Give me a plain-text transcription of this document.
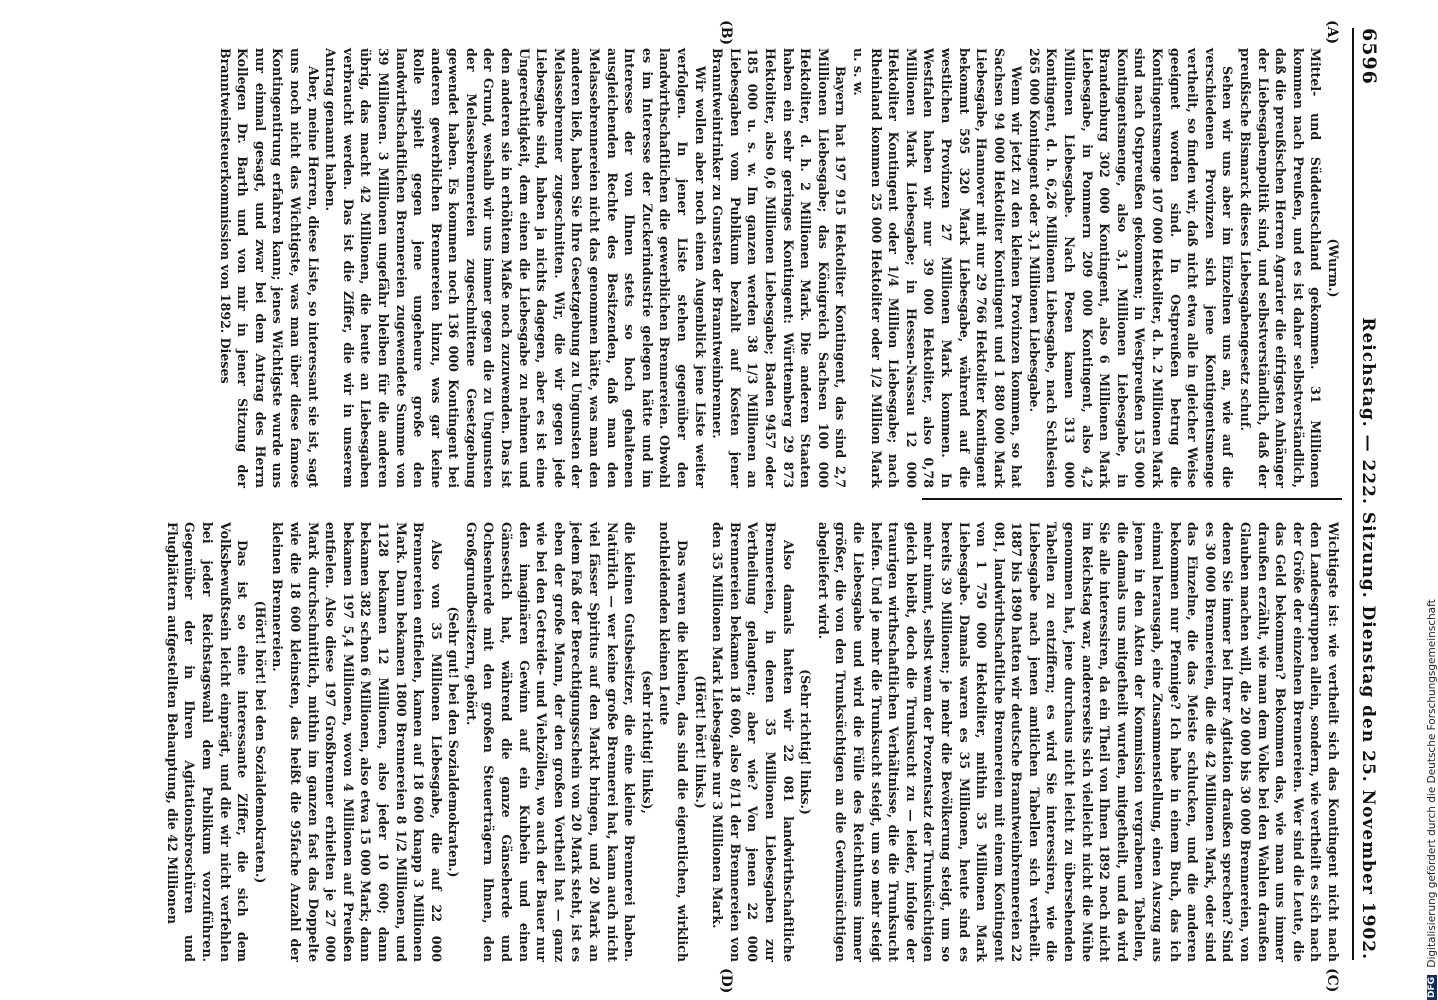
6596
Reichstag. — 222. Sitzung. Dienstag den 25. November 1902.
(A)
(B)
(C)
(D)

(Wurm.)

Mittel- und Süddeutschland gekommen. 31 Millionen kommen nach Preußen, und es ist daher selbstverständlich, daß die preußischen Herren Agrarier die eifrigsten Anhänger der Liebesgabenpolitik sind, und selbstverständlich, daß der preußische Bismarck dieses Liebesgabengesetz schuf.

Sehen wir uns aber im Einzelnen uns an, wie auf die verschiedenen Provinzen sich jene Kontingentsmenge vertheilt, so finden wir, daß nicht etwa alle in gleicher Weise geeignet worden sind. In Ostpreußen betrug die Kontingentsmenge 107 000 Hektoliter, d. h. 2 Millionen Mark sind nach Ostpreußen gekommen; in Westpreußen 155 000 Kontingentsmenge, also 3,1 Millionen Liebesgabe, in Brandenburg 302 000 Kontingent, also 6 Millionen Mark Liebesgabe, in Pommern 209 000 Kontingent, also 4,2 Millionen Liebesgabe. Nach Posen kamen 313 000 Kontingent, d. h. 6,26 Millionen Liebesgabe, nach Schlesien 265 000 Kontingent oder 3,1 Millionen Liebesgabe.

Wenn wir jetzt zu den kleinen Provinzen kommen, so hat Sachsen 94 000 Hektoliter Kontingent und 1 880 000 Mark Liebesgabe, Hannover mit nur 29 766 Hektoliter Kontingent bekommt 595 320 Mark Liebesgabe, während auf die westlichen Provinzen 27 Millionen Mark kommen. In Westfalen haben wir nur 39 000 Hektoliter, also 0,78 Millionen Mark Liebesgabe; in Hessen-Nassau 12 000 Hektoliter Kontingent oder 1/4 Million Liebesgabe; nach Rheinland kommen 25 000 Hektoliter oder 1/2 Million Mark u. s. w.

Bayern hat 197 915 Hektoliter Kontingent, das sind 2,7 Millionen Liebesgabe; das Königreich Sachsen 100 000 Hektoliter, d. h. 2 Millionen Mark. Die anderen Staaten haben ein sehr geringes Kontingent: Württemberg 29 873 Hektoliter, also 0,6 Millionen Liebesgabe; Baden 9457 oder 185 000 u. s. w. Im ganzen werden 38 1/3 Millionen an Liebesgaben vom Publikum bezahlt auf Kosten jener Branntweintrinker zu Gunsten der Branntweinbrenner.

Wir wollen aber noch einen Augenblick jene Liste weiter verfolgen. In jener Liste stehen gegenüber den landwirthschaftlichen die gewerblichen Brennereien. Obwohl es im Interesse der Zuckerindustrie gelegen hätte und im Interesse der von Ihnen stets so hoch gehaltenen ausgleichenden Rechte des Besitzenden, daß man den Melassebrennereien nicht das genommen hätte, was man den anderen ließ, haben Sie Ihre Gesetzgebung zu Ungunsten der Melassebrenner zugeschnitten. Wir, die wir gegen jede Liebesgabe sind, haben ja nichts dagegen, aber es ist eine Ungerechtigkeit, dem einen die Liebesgabe zu nehmen und den anderen sie in erhöhtem Maße noch zuzuwenden. Das ist der Grund, weshalb wir uns immer gegen die zu Ungunsten der Melassebrennereien zugeschnittene Gesetzgebung gewendet haben. Es kommen noch 136 000 Kontingent bei anderen gewerblichen Brennereien hinzu, was gar keine Rolle spielt gegen jene ungeheure große den landwirthschaftlichen Brennereien zugewendete Summe von 39 Millionen. 3 Millionen ungefähr bleiben für die anderen übrig, das macht 42 Millionen, die heute an Liebesgaben verbraucht werden. Das ist die Ziffer, die wir in unserem Antrag genannt haben.

Aber, meine Herren, diese Liste, so interessant sie ist, sagt uns noch nicht das Wichtigste, was man über diese famose Kontingentirung erfahren kann; jenes Wichtigste wurde uns nur einmal gesagt, und zwar bei dem Antrag des Herrn Kollegen Dr. Barth und von mir in jener Sitzung der Branntweinsteuerkommission von 1892. Dieses

Wichtigste ist: wie vertheilt sich das Kontingent nicht nach den Landesgruppen allein, sondern, wie vertheilt es sich nach der Größe der einzelnen Brennereien. Wer sind die Leute, die das Geld bekommen? Bekommen das, wie man uns immer draußen erzählt, wie man dem Volke bei den Wahlen draußen Glauben machen will, die 20 000 bis 30 000 Brennereien, von denen Sie immer bei Ihrer Agitation draußen sprechen? Sind es 30 000 Brennereien, die die 42 Millionen Mark, oder sind das Einzelne, die das Meiste schlucken, und die anderen bekommen nur Pfennige? Ich habe in einem Buch, das ich einmal herausgab, eine Zusammenstellung, einen Auszug aus jenen in den Akten der Kommission vergrabenen Tabellen, die damals uns mitgetheilt wurden, mitgetheilt, und da wird Sie alle interessiren, da ein Theil von Ihnen 1892 noch nicht im Reichstag war, andererseits sich vielleicht nicht die Mühe genommen hat, jene durchaus nicht leicht zu übersehenden Tabellen zu entziffern; es wird Sie interessiren, wie die Liebesgabe nach jenen amtlichen Tabellen sich vertheilt. 1887 bis 1890 hatten wir deutsche Branntweinbrennereien 22 081, landwirthschaftliche Brennereien mit einem Kontingent von 1 750 000 Hektoliter, mithin 35 Millionen Mark Liebesgabe. Damals waren es 35 Millionen, heute sind es bereits 39 Millionen; je mehr die Bevölkerung steigt, um so mehr nimmt, selbst wenn der Prozentsatz der Trunksüchtigen gleich bleibt, doch die Trunksucht zu — leider, infolge der traurigen wirthschaftlichen Verhältnisse, die die Trunksucht helfen. Und je mehr die Trunksucht steigt, um so mehr steigt die Liebesgabe und wird die Fülle des Reichthums immer größer, die von den Trunksüchtigen an die Gewinnsüchtigen abgeliefert wird.

(Sehr richtig! links.)

Also damals hatten wir 22 081 landwirthschaftliche Brennereien, in denen 35 Millionen Liebesgaben zur Vertheilung gelangten; aber wie? Von jenen 22 000 Brennereien bekamen 18 600, also 8/11 der Brennereien von den 35 Millionen Mark Liebesgabe nur 3 Millionen Mark.

(Hört! hört! links.)

Das waren die kleinen, das sind die eigentlichen, wirklich nothleidenden kleinen Leute

(sehr richtig! links),

die kleinen Gutsbesitzer, die eine kleine Brennerei haben. Natürlich — wer keine große Brennerei hat, kann auch nicht viel fässer Spiritus auf den Markt bringen, und 20 Mark an jedem Faß der Berechtigungsschein von 20 Mark steht, ist es eben der große Mann, der den großen Vortheil hat — ganz wie bei den Getreide- und Viehzöllen, wo auch der Bauer nur den imaginären Gewinn auf ein Kuhbein und einen Gänsestich hat, während die ganze Gänseherde und Ochsenherde mit den großen Steuerträgern Ihnen, den Großgrundbesitzern, gehört.

(Sehr gut! bei den Sozialdemokraten.)

Also von 35 Millionen Liebesgabe, die auf 22 000 Brennereien entfielen, kamen auf 18 600 knapp 3 Millionen Mark. Dann bekamen 1800 Brennereien 8 1/2 Millionen, und 1128 bekamen 12 Millionen, also jeder 10 600; dann bekamen 382 schon 6 Millionen, also etwa 15 000 Mark; dann bekamen 197 5,4 Millionen, wovon 4 Millionen auf Preußen entfielen. Also diese 197 Großbrenner erhielten je 27 000 Mark durchschnittlich, mithin im ganzen fast das Doppelte wie die 18 600 kleinsten, das heißt die 95fache Anzahl der kleinen Brennereien.

(Hört! hört! bei den Sozialdemokraten.)

Das ist so eine interessante Ziffer, die sich dem Volksbewußtsein leicht einprägt, und die wir nicht verfehlen bei jeder Reichstagswahl dem Publikum vorzuführen. Gegenüber der in Ihren Agitationsbroschüren und Flugblättern aufgestellten Behauptung, die 42 Millionen

DFG Digitalisierung gefördert durch die Deutsche Forschungsgemeinschaft
